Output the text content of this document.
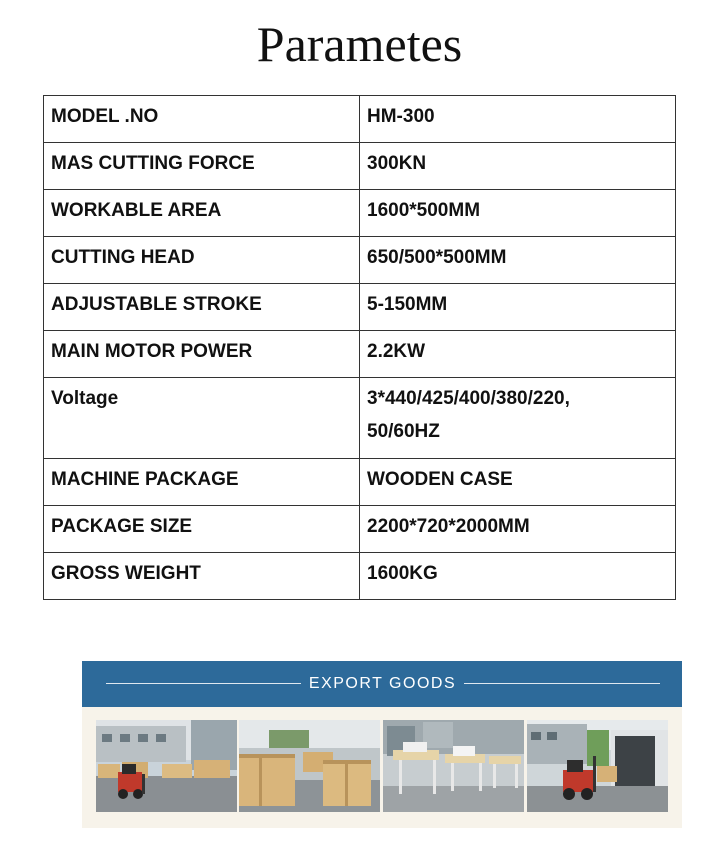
Parametes
MODEL .NO	HM-300
MAS CUTTING FORCE	300KN
WORKABLE AREA	1600*500MM
CUTTING HEAD	650/500*500MM
ADJUSTABLE STROKE	5-150MM
MAIN MOTOR POWER	2.2KW
Voltage	3*440/425/400/380/220,
50/60HZ

MACHINE PACKAGE	WOODEN CASE
PACKAGE SIZE	2200*720*2000MM
GROSS WEIGHT	1600KG
EXPORT GOODS
